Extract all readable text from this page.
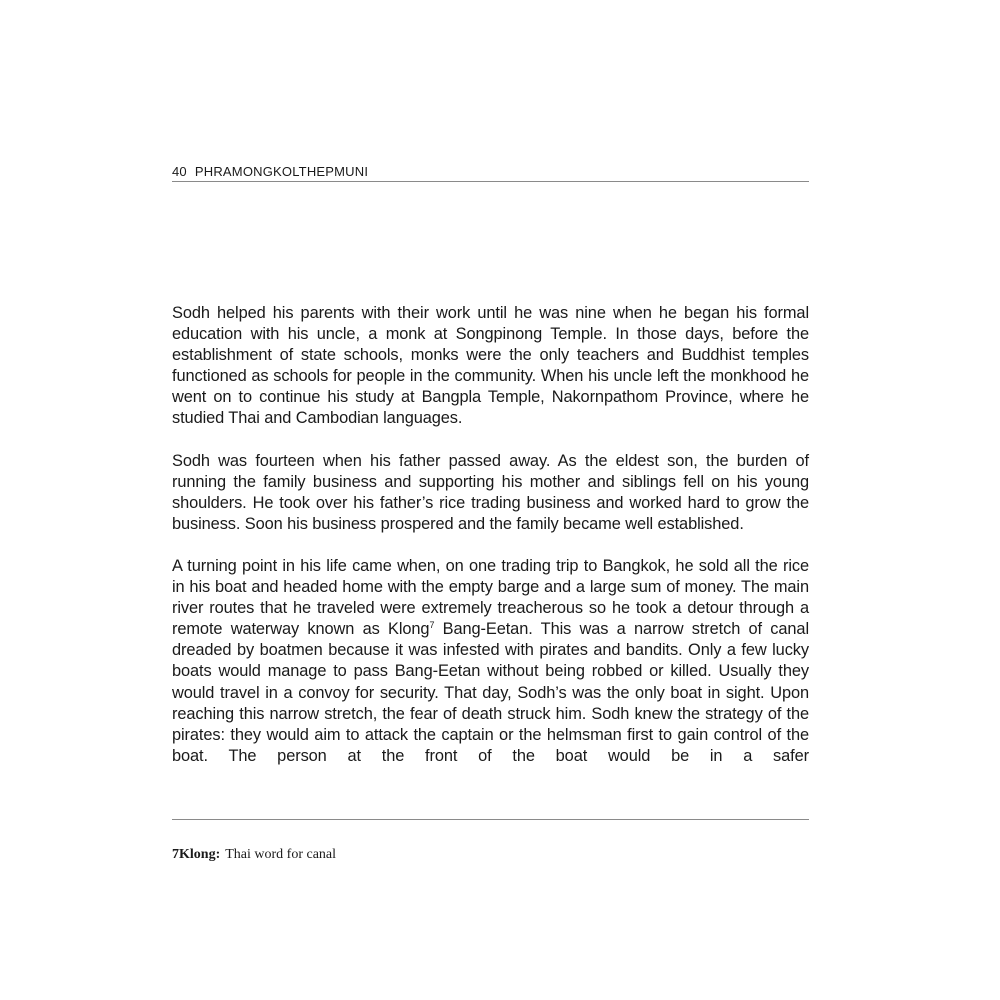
40 PHRAMONGKOLTHEPMUNI

Sodh helped his parents with their work until he was nine when he began his formal education with his uncle, a monk at Songpinong Temple. In those days, before the establishment of state schools, monks were the only teachers and Buddhist temples functioned as schools for people in the community. When his uncle left the monkhood he went on to continue his study at Bangpla Temple, Nakornpathom Province, where he studied Thai and Cambodian languages.

Sodh was fourteen when his father passed away. As the eldest son, the burden of running the family business and supporting his mother and siblings fell on his young shoulders. He took over his father’s rice trading business and worked hard to grow the business. Soon his business prospered and the family became well established.

A turning point in his life came when, on one trading trip to Bangkok, he sold all the rice in his boat and headed home with the empty barge and a large sum of money. The main river routes that he traveled were extremely treacherous so he took a detour through a remote waterway known as Klong$^7$ Bang-Eetan. This was a narrow stretch of canal dreaded by boatmen because it was infested with pirates and bandits. Only a few lucky boats would manage to pass Bang-Eetan without being robbed or killed. Usually they would travel in a convoy for security. That day, Sodh’s was the only boat in sight. Upon reaching this narrow stretch, the fear of death struck him. Sodh knew the strategy of the pirates: they would aim to attack the captain or the helmsman first to gain control of the boat. The person at the front of the boat would be in a safer

7Klong: Thai word for canal
